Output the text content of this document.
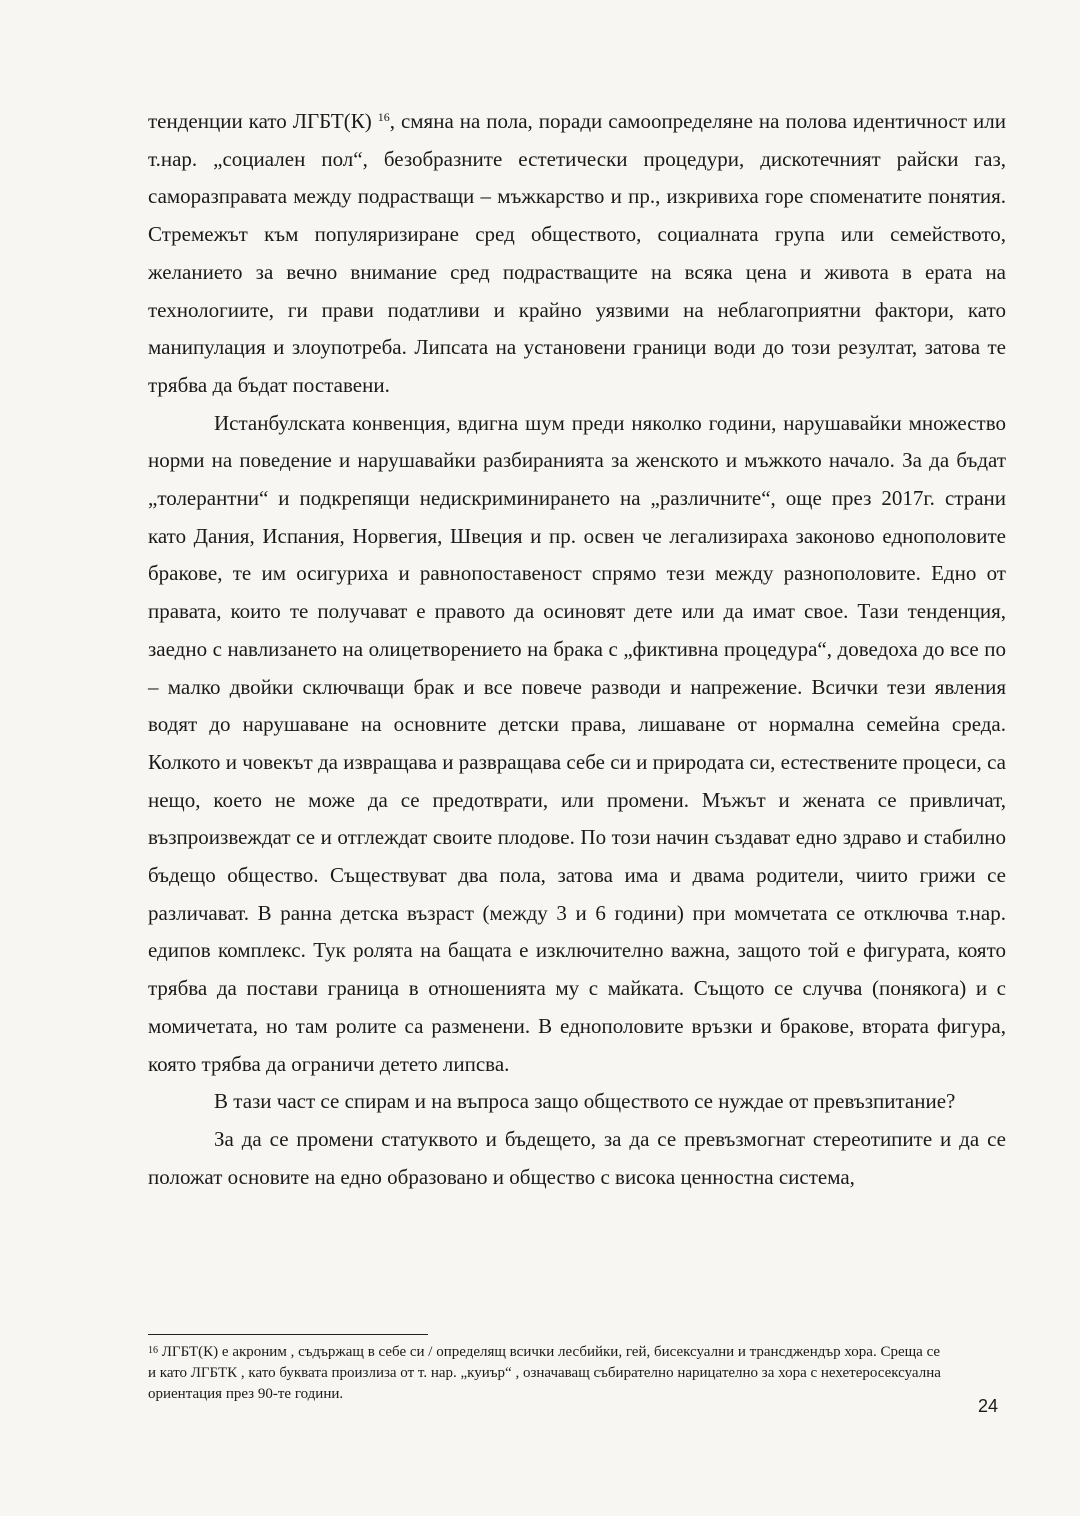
тенденции като ЛГБТ(К) $^{16}$, смяна на пола, поради самоопределяне на полова идентичност или т.нар. „социален пол“, безобразните естетически процедури, дискотечният райски газ, саморазправата между подрастващи – мъжкарство и пр., изкривиха горе споменатите понятия. Стремежът към популяризиране сред обществото, социалната група или семейството, желанието за вечно внимание сред подрастващите на всяка цена и живота в ерата на технологиите, ги прави податливи и крайно уязвими на неблагоприятни фактори, като манипулация и злоупотреба. Липсата на установени граници води до този резултат, затова те трябва да бъдат поставени.

Истанбулската конвенция, вдигна шум преди няколко години, нарушавайки множество норми на поведение и нарушавайки разбиранията за женското и мъжкото начало. За да бъдат „толерантни“ и подкрепящи недискриминирането на „различните“, още през 2017г. страни като Дания, Испания, Норвегия, Швеция и пр. освен че легализираха законово еднополовите бракове, те им осигуриха и равнопоставеност спрямо тези между разнополовите. Едно от правата, които те получават е правото да осиновят дете или да имат свое. Тази тенденция, заедно с навлизането на олицетворението на брака с „фиктивна процедура“, доведоха до все по – малко двойки сключващи брак и все повече разводи и напрежение. Всички тези явления водят до нарушаване на основните детски права, лишаване от нормална семейна среда. Колкото и човекът да извращава и развращава себе си и природата си, естествените процеси, са нещо, което не може да се предотврати, или промени. Мъжът и жената се привличат, възпроизвеждат се и отглеждат своите плодове. По този начин създават едно здраво и стабилно бъдещо общество. Съществуват два пола, затова има и двама родители, чиито грижи се различават. В ранна детска възраст (между 3 и 6 години) при момчетата се отключва т.нар. едипов комплекс. Тук ролята на бащата е изключително важна, защото той е фигурата, която трябва да постави граница в отношенията му с майката. Същото се случва (понякога) и с момичетата, но там ролите са разменени. В еднополовите връзки и бракове, втората фигура, която трябва да ограничи детето липсва.

В тази част се спирам и на въпроса защо обществото се нуждае от превъзпитание?

За да се промени статуквото и бъдещето, за да се превъзмогнат стереотипите и да се положат основите на едно образовано и общество с висока ценностна система,

$^{16}$ ЛГБТ(К) е акроним , съдържащ в себе си / определящ всички лесбийки, гей, бисексуални и трансджендър хора. Среща се и като ЛГБТК , като буквата произлиза от т. нар. „куиър“ , означаващ събирателно нарицателно за хора с нехетеросексуална ориентация през 90-те години.
24
